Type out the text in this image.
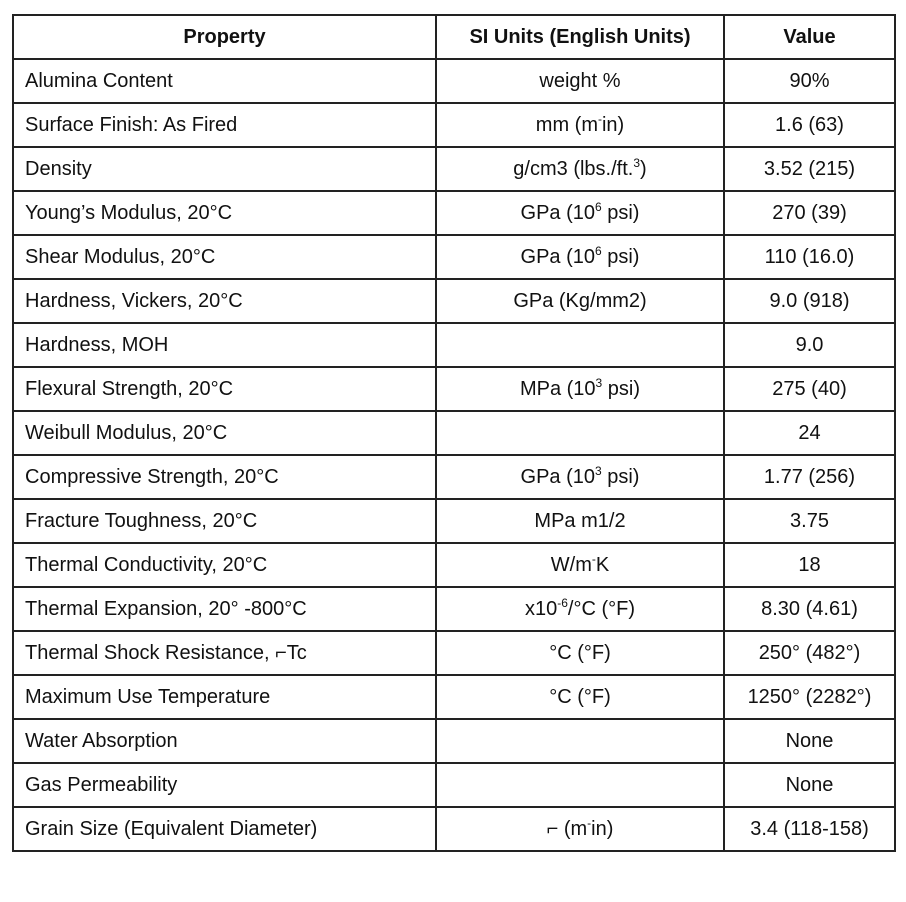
Property	SI Units (English Units)	Value
Alumina Content	weight %	90%
Surface Finish: As Fired	mm (m-in)	1.6 (63)
Density	g/cm3 (lbs./ft.$^3$)	3.52 (215)
Young’s Modulus, 20°C	GPa ($10^6$ psi)	270 (39)
Shear Modulus, 20°C	GPa ($10^6$ psi)	110 (16.0)
Hardness, Vickers, 20°C	GPa (Kg/mm2)	9.0 (918)
Hardness, MOH		9.0
Flexural Strength, 20°C	MPa ($10^3$ psi)	275 (40)
Weibull Modulus, 20°C		24
Compressive Strength, 20°C	GPa ($10^3$ psi)	1.77 (256)
Fracture Toughness, 20°C	MPa m1/2	3.75
Thermal Conductivity, 20°C	W/m-K	18
Thermal Expansion, 20° -800°C	$x10^{-6}/^\circ C$ (°F)	8.30 (4.61)
Thermal Shock Resistance, ⌐Tc	°C (°F)	250° (482°)
Maximum Use Temperature	°C (°F)	1250° (2282°)
Water Absorption		None
Gas Permeability		None
Grain Size (Equivalent Diameter)	⌐ (m-in)	3.4 (118-158)
